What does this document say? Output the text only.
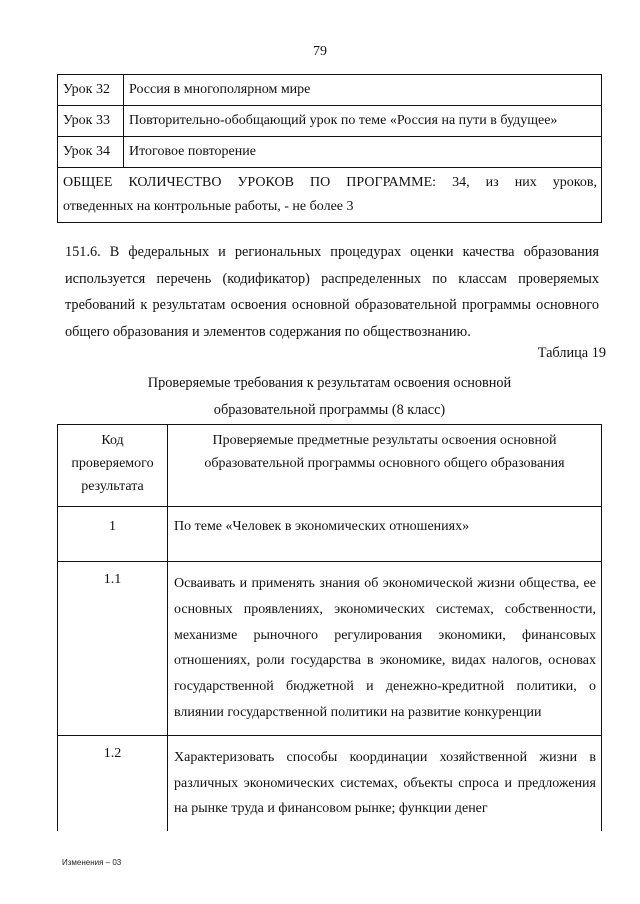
79
Урок 32	Россия в многополярном мире
Урок 33	Повторительно-обобщающий урок по теме «Россия на пути в будущее»
Урок 34	Итоговое повторение
ОБЩЕЕ КОЛИЧЕСТВО УРОКОВ ПО ПРОГРАММЕ: 34, из них уроков,
отведенных на контрольные работы, - не более 3	
151.6. В федеральных и региональных процедурах оценки качества образования используется перечень (кодификатор) распределенных по классам проверяемых требований к результатам освоения основной образовательной программы основного общего образования и элементов содержания по обществознанию.
Таблица 19
Проверяемые требования к результатам освоения основной
образовательной программы (8 класс)
Код проверяемого результата	Проверяемые предметные результаты освоения основной образовательной программы основного общего образования
1	По теме «Человек в экономических отношениях»
1.1	Осваивать и применять знания об экономической жизни общества, ее основных проявлениях, экономических системах, собственности, механизме рыночного регулирования экономики, финансовых отношениях, роли государства в экономике, видах налогов, основах государственной бюджетной и денежно-кредитной политики, о влиянии государственной политики на развитие конкуренции
1.2	Характеризовать способы координации хозяйственной жизни в различных экономических системах, объекты спроса и предложения на рынке труда и финансовом рынке; функции денег
Изменения – 03
